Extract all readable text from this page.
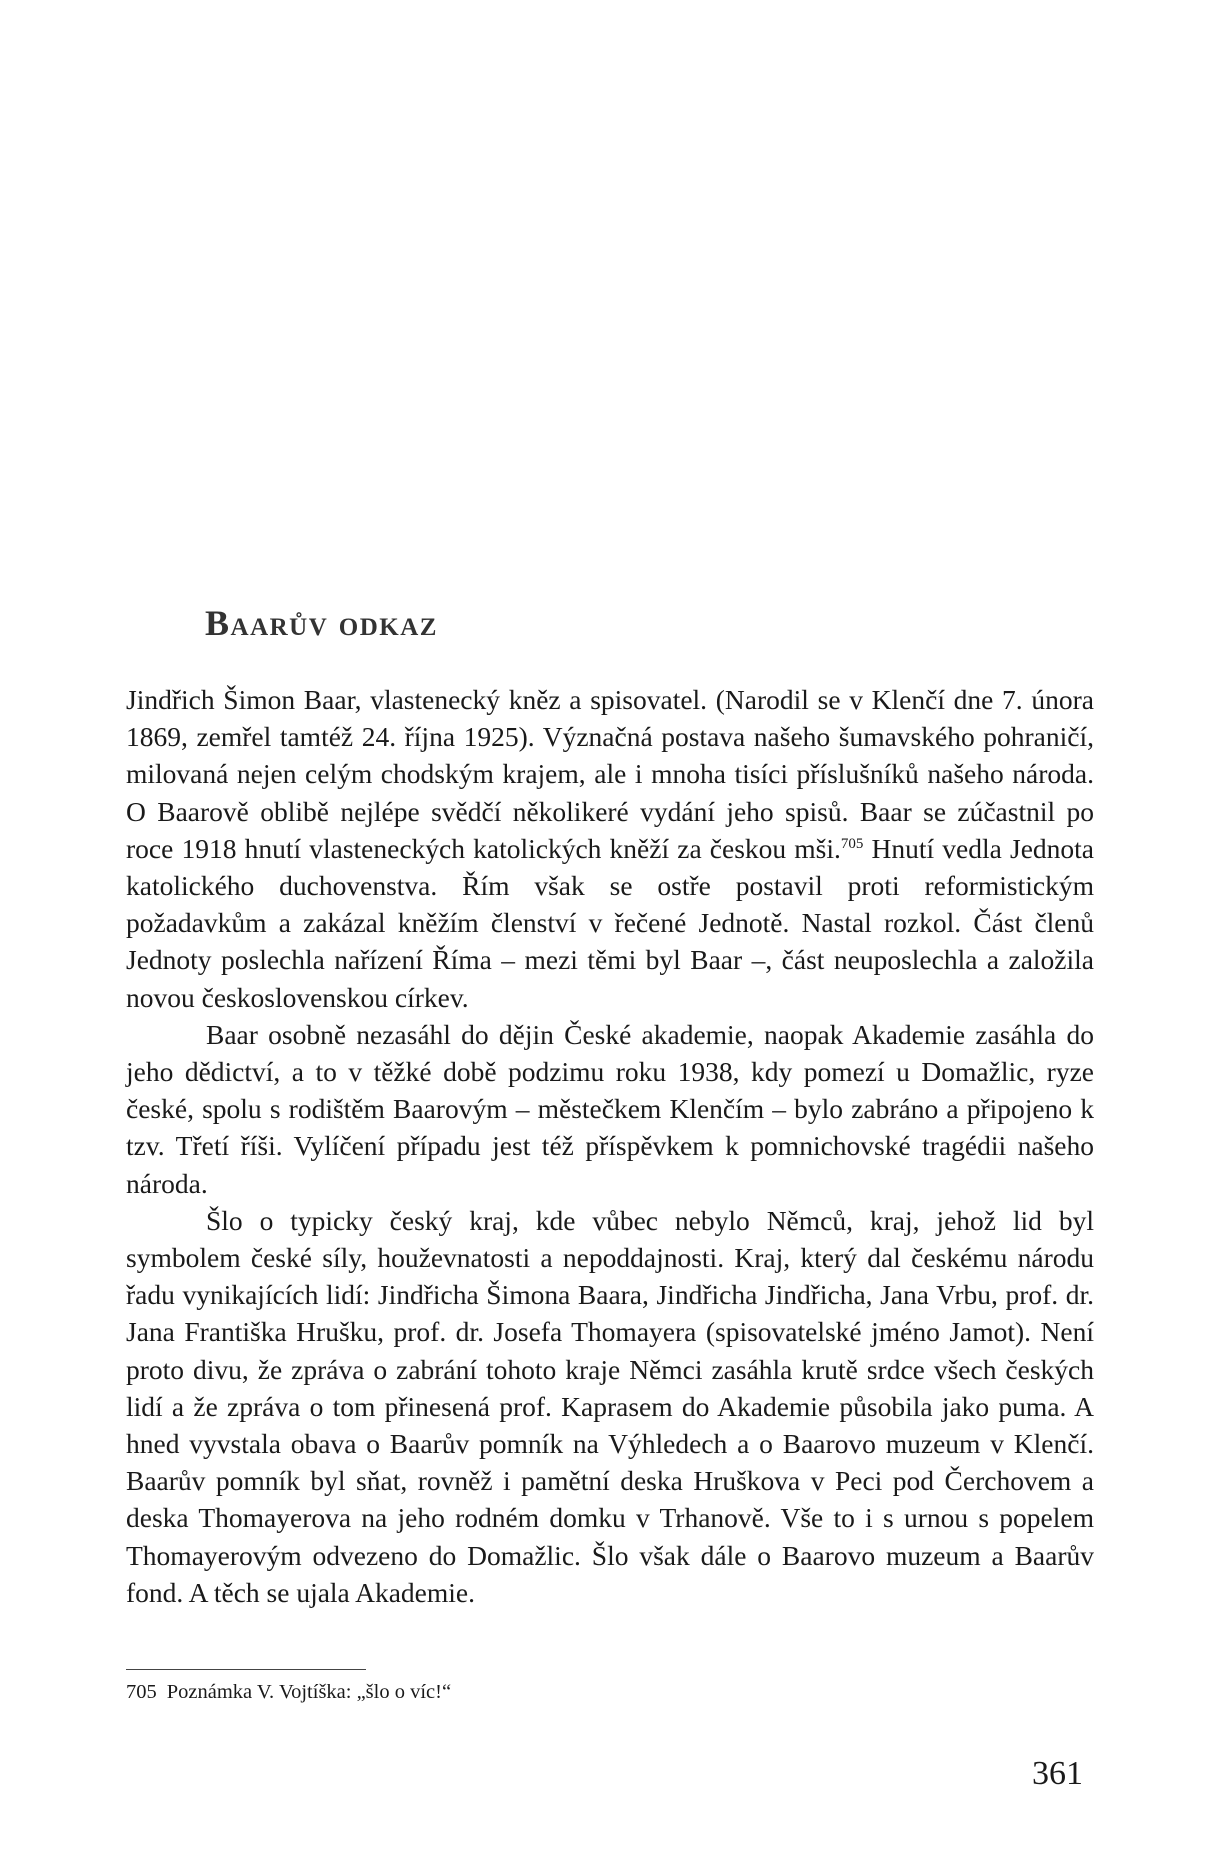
Baarův odkaz

Jindřich Šimon Baar, vlastenecký kněz a spisovatel. (Narodil se v Klenčí dne 7. února 1869, zemřel tamtéž 24. října 1925). Význačná postava našeho šumavského pohraničí, milovaná nejen celým chodským krajem, ale i mnoha tisíci příslušníků našeho národa. O Baarově oblibě nejlépe svědčí několikeré vydání jeho spisů. Baar se zúčastnil po roce 1918 hnutí vlasteneckých katolických kněží za českou mši.$^{705}$ Hnutí vedla Jednota katolického duchovenstva. Řím však se ostře postavil proti reformistickým požadavkům a zakázal kněžím členství v řečené Jednotě. Nastal rozkol. Část členů Jednoty poslechla nařízení Říma – mezi těmi byl Baar –, část neuposlechla a založila novou československou církev.

Baar osobně nezasáhl do dějin České akademie, naopak Akademie zasáhla do jeho dědictví, a to v těžké době podzimu roku 1938, kdy pomezí u Domažlic, ryze české, spolu s rodištěm Baarovým – městečkem Klenčím – bylo zabráno a připojeno k tzv. Třetí říši. Vylíčení případu jest též příspěvkem k pomnichovské tragédii našeho národa.

Šlo o typicky český kraj, kde vůbec nebylo Němců, kraj, jehož lid byl symbolem české síly, houževnatosti a nepoddajnosti. Kraj, který dal českému národu řadu vynikajících lidí: Jindřicha Šimona Baara, Jindřicha Jindřicha, Jana Vrbu, prof. dr. Jana Františka Hrušku, prof. dr. Josefa Thomayera (spisovatelské jméno Jamot). Není proto divu, že zpráva o zabrání tohoto kraje Němci zasáhla krutě srdce všech českých lidí a že zpráva o tom přinesená prof. Kaprasem do Akademie působila jako puma. A hned vyvstala obava o Baarův pomník na Výhledech a o Baarovo muzeum v Klenčí. Baarův pomník byl sňat, rovněž i pamětní deska Hruškova v Peci pod Čerchovem a deska Thomayerova na jeho rodném domku v Trhanově. Vše to i s urnou s popelem Thomayerovým odvezeno do Domažlic. Šlo však dále o Baarovo muzeum a Baarův fond. A těch se ujala Akademie.

705 Poznámka V. Vojtíška: „šlo o víc!“

361
